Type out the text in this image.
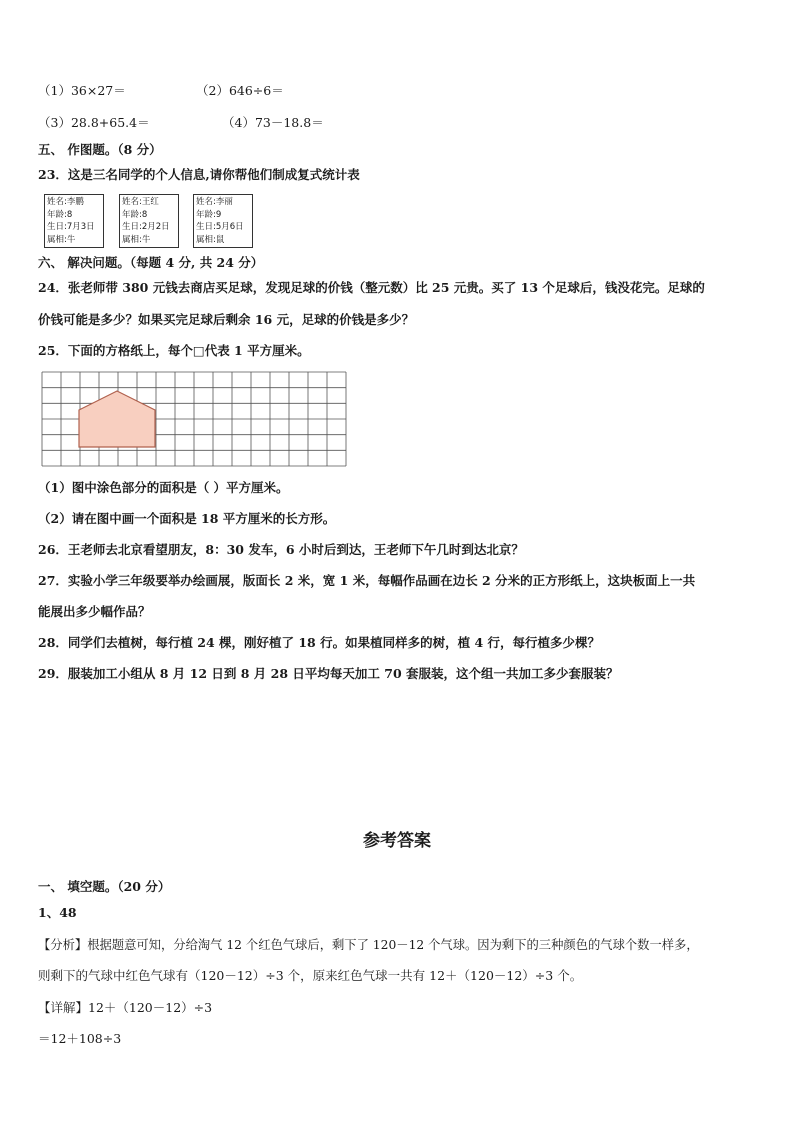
（1）36×27＝	（2）646÷6＝
（3）28.8+65.4＝	（4）73－18.8＝
五、 作图题。（8 分）
23．这是三名同学的个人信息,请你帮他们制成复式统计表
姓名:李鹏
年龄:8
生日:7月3日
属相:牛
姓名:王红
年龄:8
生日:2月2日
属相:牛
姓名:李丽
年龄:9
生日:5月6日
属相:鼠
六、 解决问题。（每题 4 分, 共 24 分）
24．张老师带 380 元钱去商店买足球，发现足球的价钱（整元数）比 25 元贵。买了 13 个足球后，钱没花完。足球的
价钱可能是多少？如果买完足球后剩余 16 元，足球的价钱是多少？
25．下面的方格纸上，每个□代表 1 平方厘米。
（1）图中涂色部分的面积是（ ）平方厘米。
（2）请在图中画一个面积是 18 平方厘米的长方形。
26．王老师去北京看望朋友，8：30 发车，6 小时后到达，王老师下午几时到达北京？
27．实验小学三年级要举办绘画展，版面长 2 米，宽 1 米，每幅作品画在边长 2 分米的正方形纸上，这块板面上一共
能展出多少幅作品？
28．同学们去植树，每行植 24 棵，刚好植了 18 行。如果植同样多的树，植 4 行，每行植多少棵？
29．服装加工小组从 8 月 12 日到 8 月 28 日平均每天加工 70 套服装，这个组一共加工多少套服装？
参考答案
一、 填空题。（20 分）
1、48
【分析】根据题意可知，分给淘气 12 个红色气球后，剩下了 120－12 个气球。因为剩下的三种颜色的气球个数一样多，
则剩下的气球中红色气球有（120－12）÷3 个，原来红色气球一共有 12＋（120－12）÷3 个。
【详解】12＋（120－12）÷3
＝12＋108÷3
